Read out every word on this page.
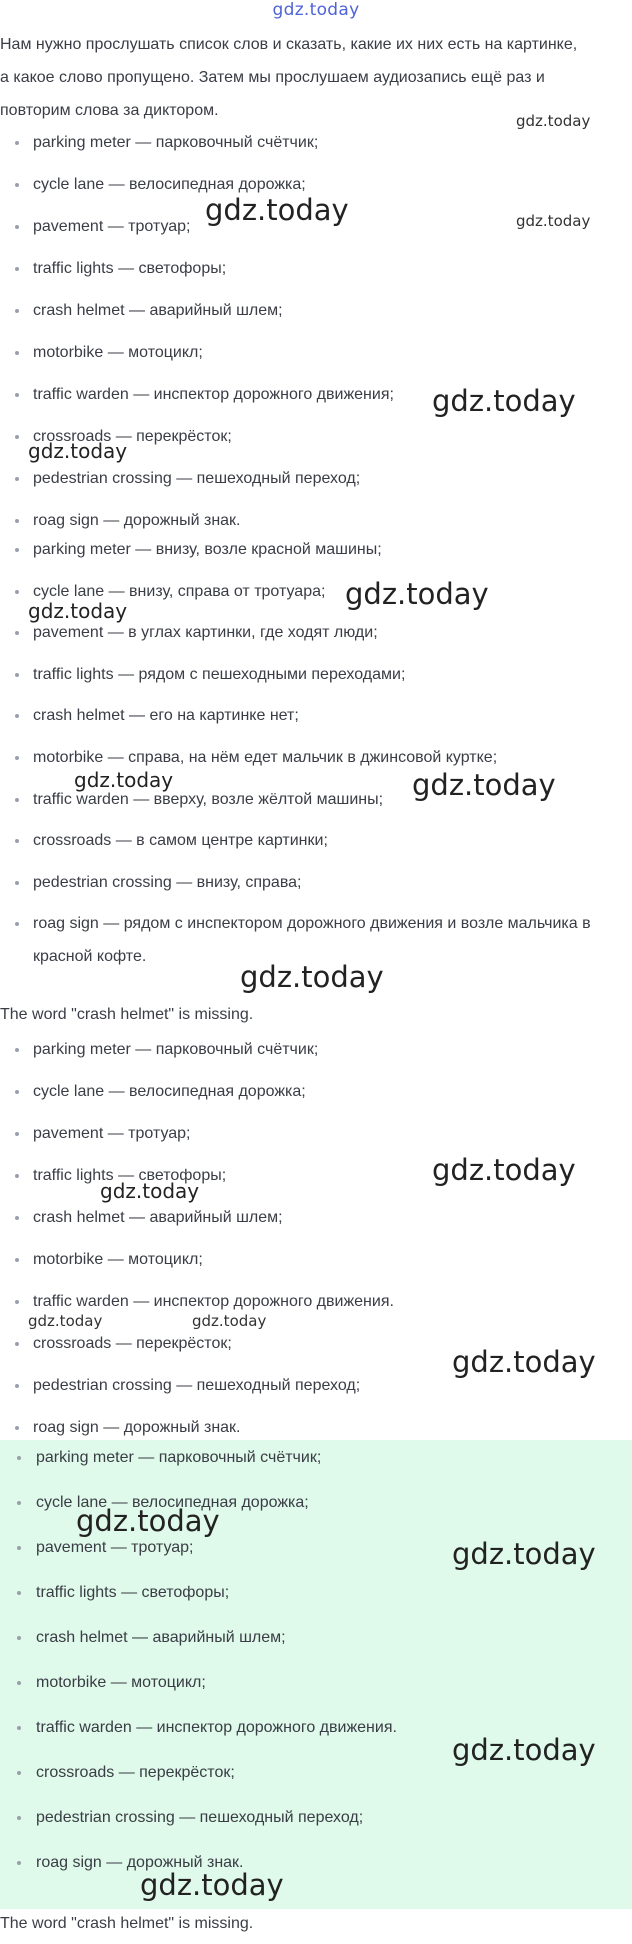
gdz.today

Нам нужно прослушать список слов и сказать, какие их них есть на картинке,

а какое слово пропущено. Затем мы прослушаем аудиозапись ещё раз и

повторим слова за диктором.

parking meter — парковочный счётчик;
cycle lane — велосипедная дорожка;
pavement — тротуар;
traffic lights — светофоры;
crash helmet — аварийный шлем;
motorbike — мотоцикл;
traffic warden — инспектор дорожного движения;
crossroads — перекрёсток;
pedestrian crossing — пешеходный переход;
roag sign — дорожный знак.
parking meter — внизу, возле красной машины;
cycle lane — внизу, справа от тротуара;
pavement — в углах картинки, где ходят люди;
traffic lights — рядом с пешеходными переходами;
crash helmet — его на картинке нет;
motorbike — справа, на нём едет мальчик в джинсовой куртке;
traffic warden — вверху, возле жёлтой машины;
crossroads — в самом центре картинки;
pedestrian crossing — внизу, справа;
roag sign — рядом с инспектором дорожного движения и возле мальчика в красной кофте.
The word "crash helmet" is missing.
parking meter — парковочный счётчик;
cycle lane — велосипедная дорожка;
pavement — тротуар;
traffic lights — светофоры;
crash helmet — аварийный шлем;
motorbike — мотоцикл;
traffic warden — инспектор дорожного движения.
crossroads — перекрёсток;
pedestrian crossing — пешеходный переход;
roag sign — дорожный знак.
parking meter — парковочный счётчик;
cycle lane — велосипедная дорожка;
pavement — тротуар;
traffic lights — светофоры;
crash helmet — аварийный шлем;
motorbike — мотоцикл;
traffic warden — инспектор дорожного движения.
crossroads — перекрёсток;
pedestrian crossing — пешеходный переход;
roag sign — дорожный знак.
The word "crash helmet" is missing.
gdz.today
gdz.today	gdz.today
gdz.today
gdz.today
gdz.today
gdz.today
gdz.today	gdz.today
gdz.today
gdz.today
gdz.today
gdz.today	gdz.today
gdz.today
gdz.today
gdz.today
gdz.today
gdz.today
